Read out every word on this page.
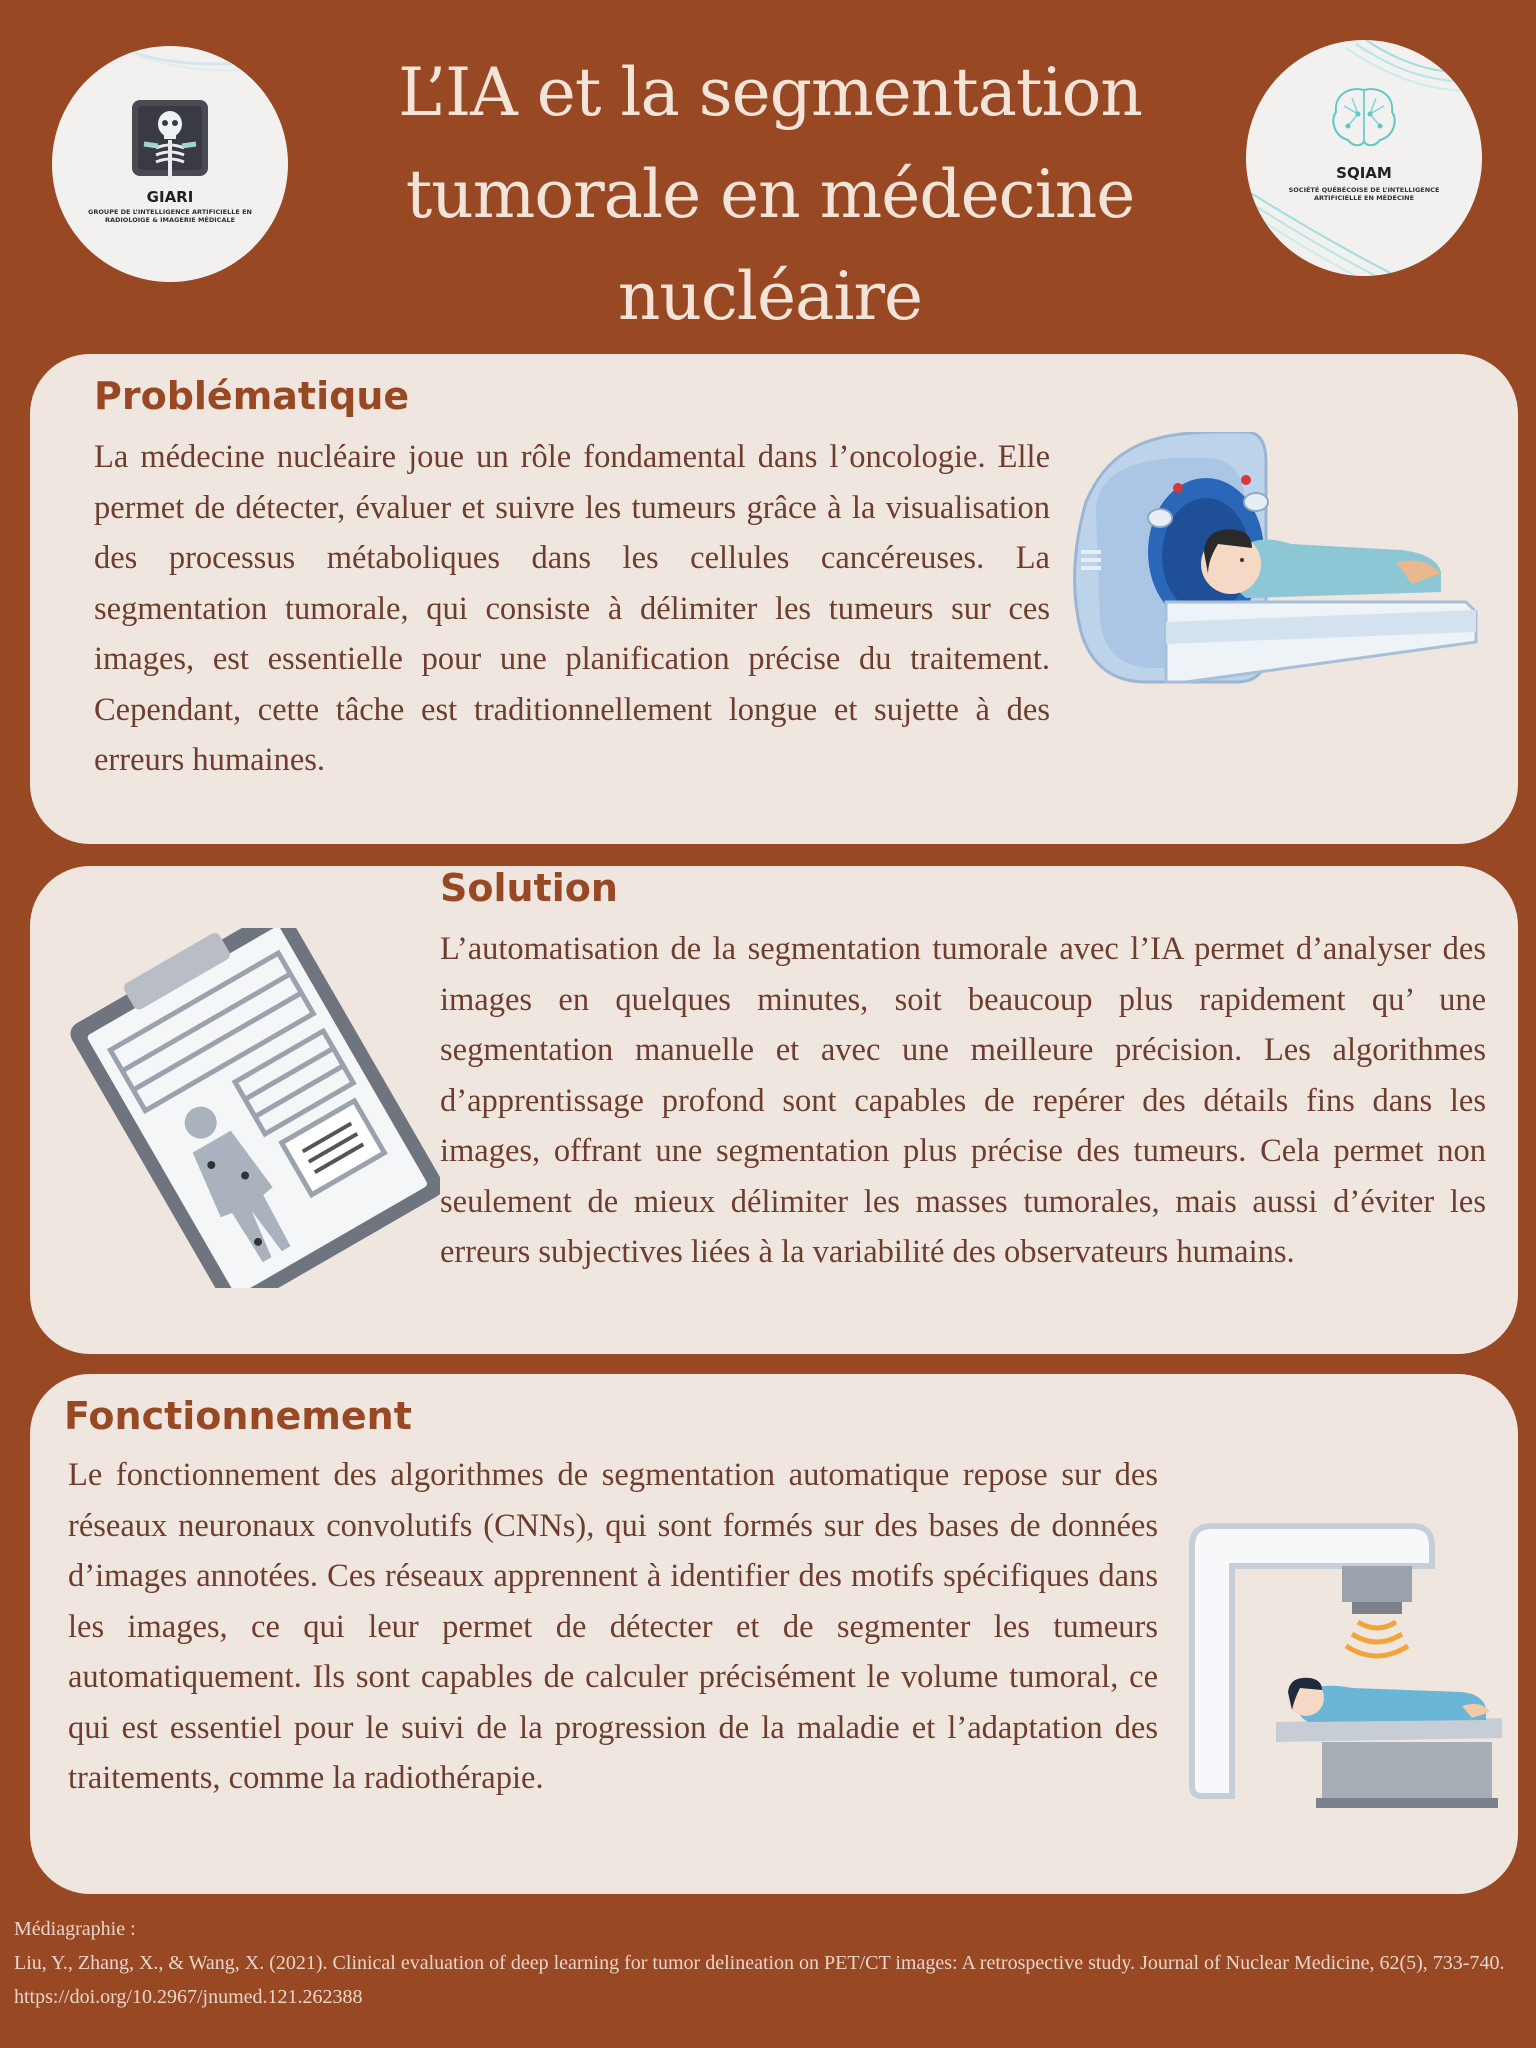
L’IA et la segmentation
tumorale en médecine
nucléaire
GIARI
GROUPE DE L’INTELLIGENCE ARTIFICIELLE EN RADIOLOIGE & IMAGERIE MÉDICALE
SQIAM
SOCIÉTÉ QUÉBÉCOISE DE L’INTELLIGENCE ARTIFICIELLE EN MÉDECINE
Problématique

La médecine nucléaire joue un rôle fondamental dans l’oncologie. Elle permet de détecter, évaluer et suivre les tumeurs grâce à la visualisation des processus métaboliques dans les cellules cancéreuses. La segmentation tumorale, qui consiste à délimiter les tumeurs sur ces images, est essentielle pour une planification précise du traitement. Cependant, cette tâche est traditionnellement longue et sujette à des erreurs humaines.

Solution

L’automatisation de la segmentation tumorale avec l’IA permet d’analyser des images en quelques minutes, soit beaucoup plus rapidement qu’ une segmentation manuelle et avec une meilleure précision. Les algorithmes d’apprentissage profond sont capables de repérer des détails fins dans les images, offrant une segmentation plus précise des tumeurs. Cela permet non seulement de mieux délimiter les masses tumorales, mais aussi d’éviter les erreurs subjectives liées à la variabilité des observateurs humains.

Fonctionnement

Le fonctionnement des algorithmes de segmentation automatique repose sur des réseaux neuronaux convolutifs (CNNs), qui sont formés sur des bases de données d’images annotées. Ces réseaux apprennent à identifier des motifs spécifiques dans les images, ce qui leur permet de détecter et de segmenter les tumeurs automatiquement. Ils sont capables de calculer précisément le volume tumoral, ce qui est essentiel pour le suivi de la progression de la maladie et l’adaptation des traitements, comme la radiothérapie.

Médiagraphie :
Liu, Y., Zhang, X., & Wang, X. (2021). Clinical evaluation of deep learning for tumor delineation on PET/CT images: A retrospective study. Journal of Nuclear Medicine, 62(5), 733-740. https://doi.org/10.2967/jnumed.121.262388
